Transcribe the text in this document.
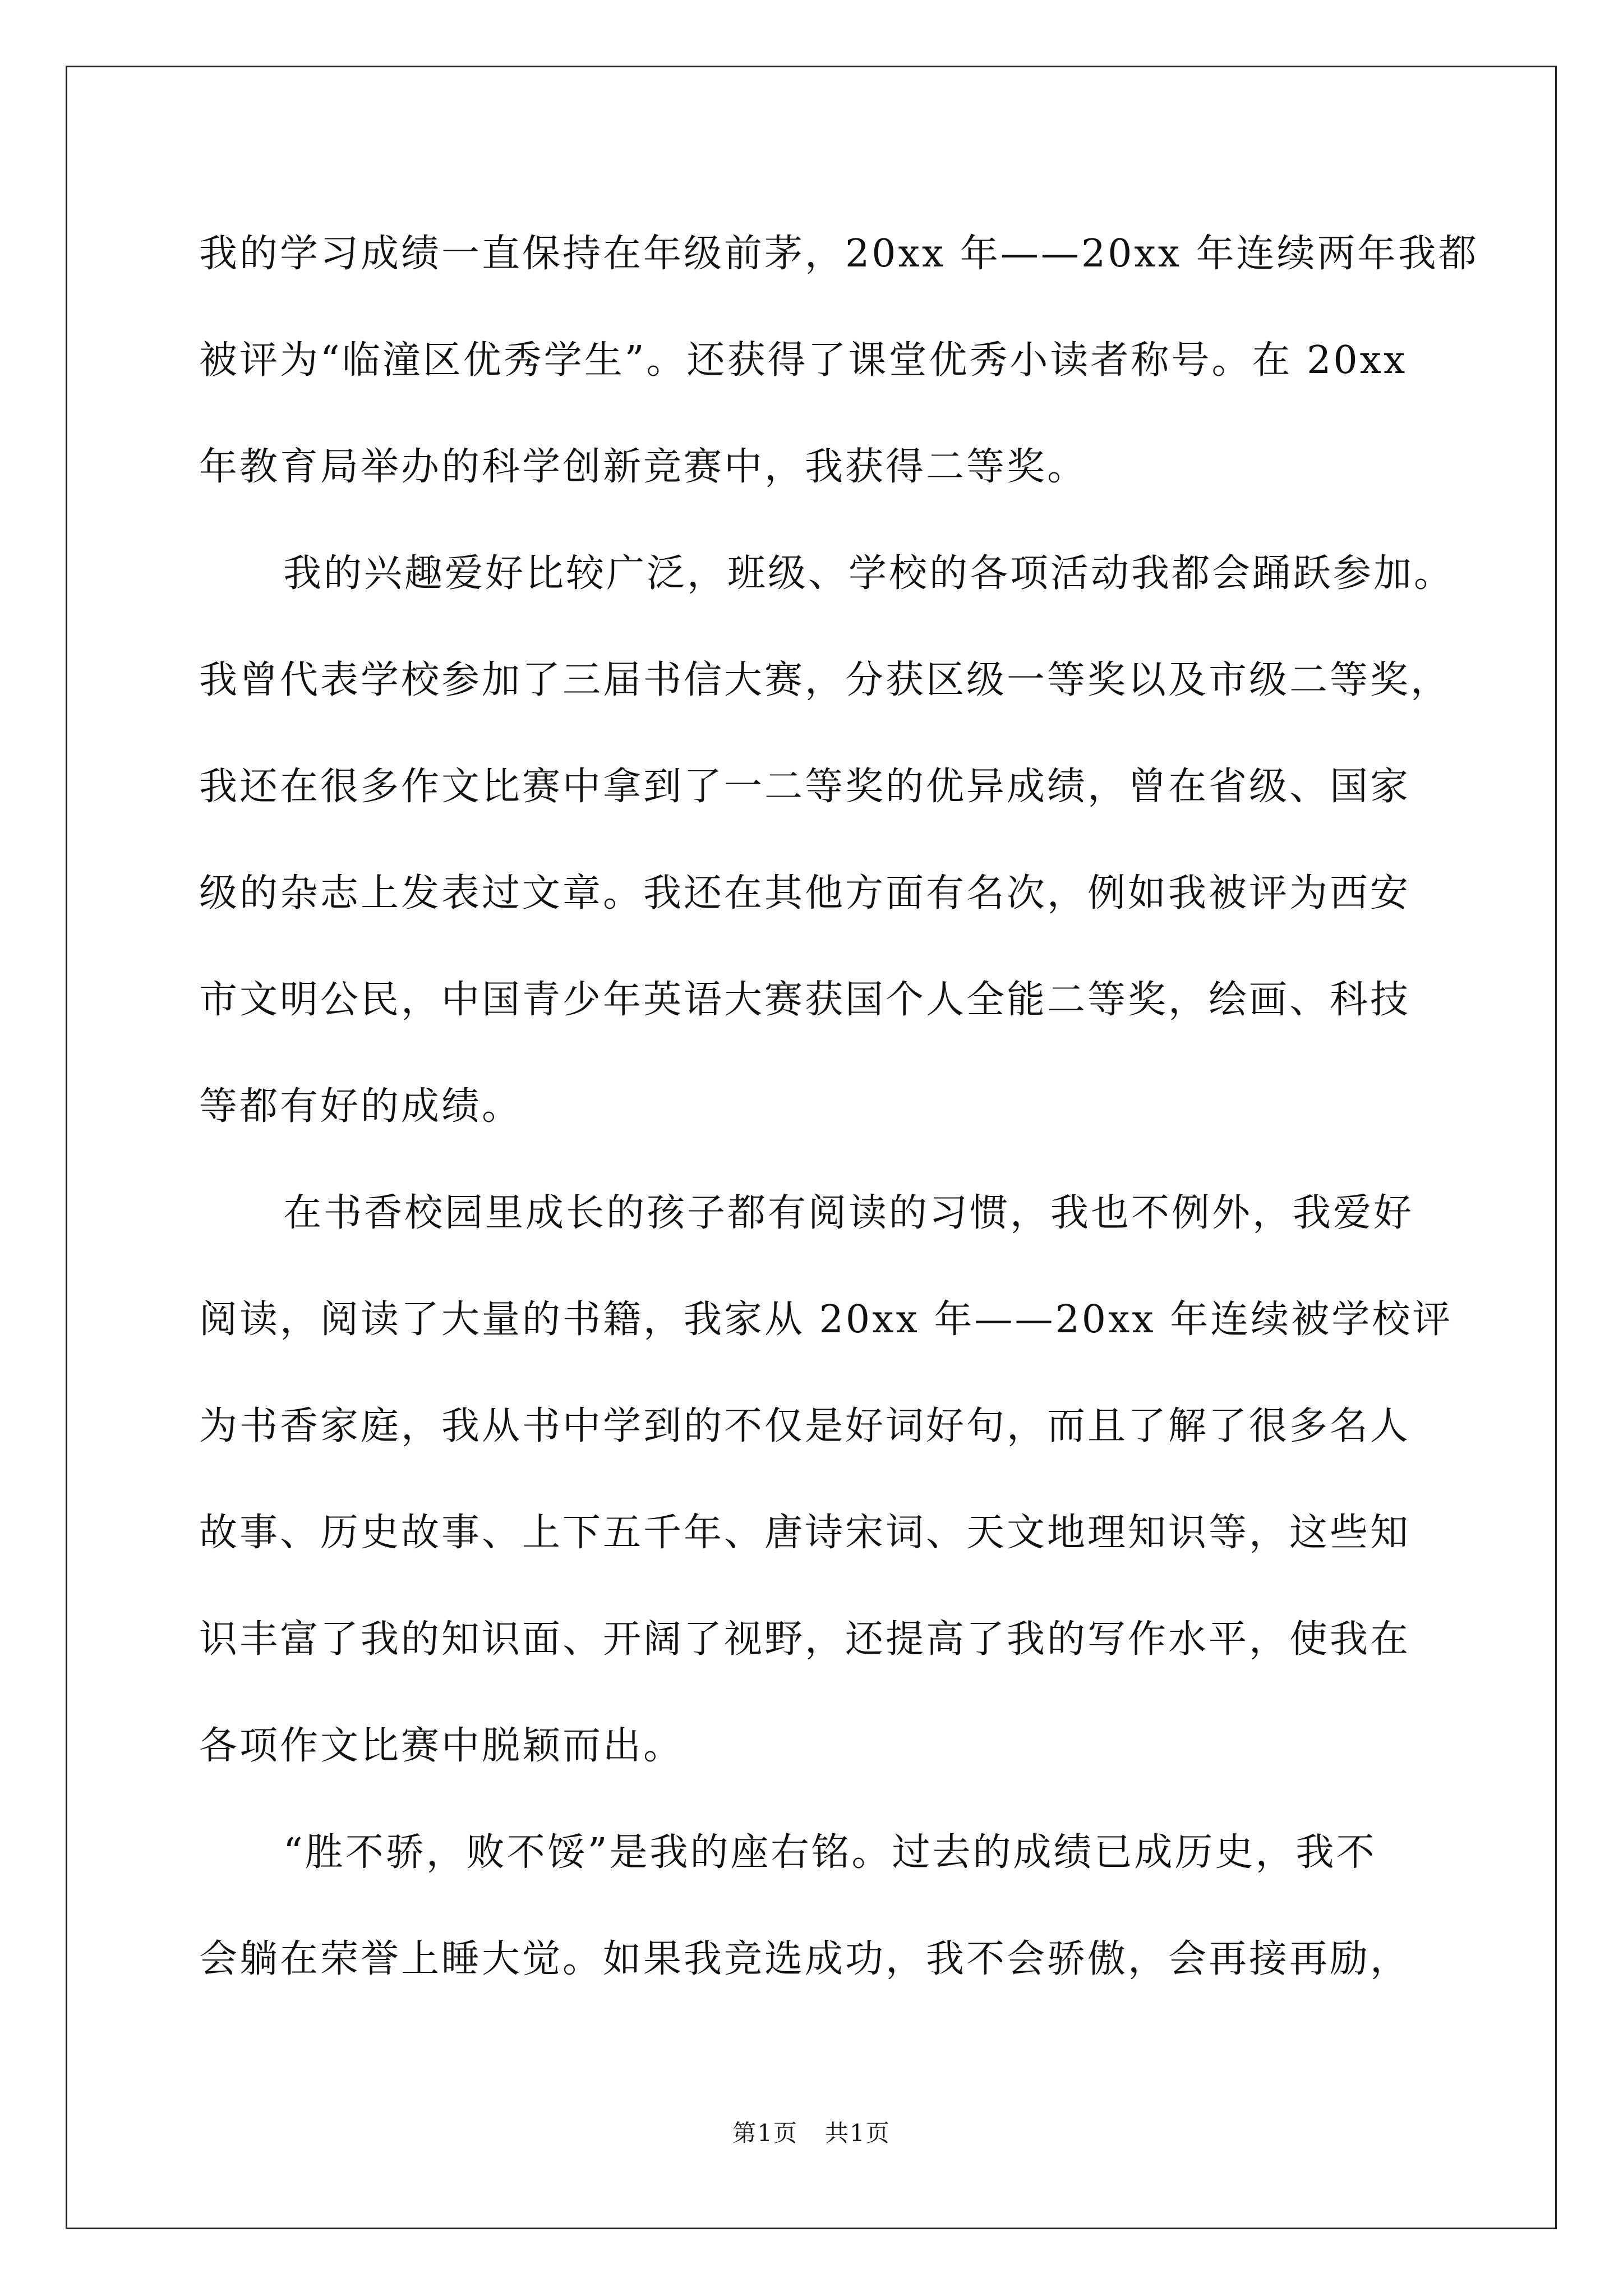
我的学习成绩一直保持在年级前茅，20xx 年——20xx 年连续两年我都
被评为“临潼区优秀学生”。还获得了课堂优秀小读者称号。在 20xx
年教育局举办的科学创新竞赛中，我获得二等奖。
我的兴趣爱好比较广泛，班级、学校的各项活动我都会踊跃参加。
我曾代表学校参加了三届书信大赛，分获区级一等奖以及市级二等奖，
我还在很多作文比赛中拿到了一二等奖的优异成绩，曾在省级、国家
级的杂志上发表过文章。我还在其他方面有名次，例如我被评为西安
市文明公民，中国青少年英语大赛获国个人全能二等奖，绘画、科技
等都有好的成绩。
在书香校园里成长的孩子都有阅读的习惯，我也不例外，我爱好
阅读，阅读了大量的书籍，我家从 20xx 年——20xx 年连续被学校评
为书香家庭，我从书中学到的不仅是好词好句，而且了解了很多名人
故事、历史故事、上下五千年、唐诗宋词、天文地理知识等，这些知
识丰富了我的知识面、开阔了视野，还提高了我的写作水平，使我在
各项作文比赛中脱颖而出。
“胜不骄，败不馁”是我的座右铭。过去的成绩已成历史，我不
会躺在荣誉上睡大觉。如果我竞选成功，我不会骄傲，会再接再励，
第1页 共1页
